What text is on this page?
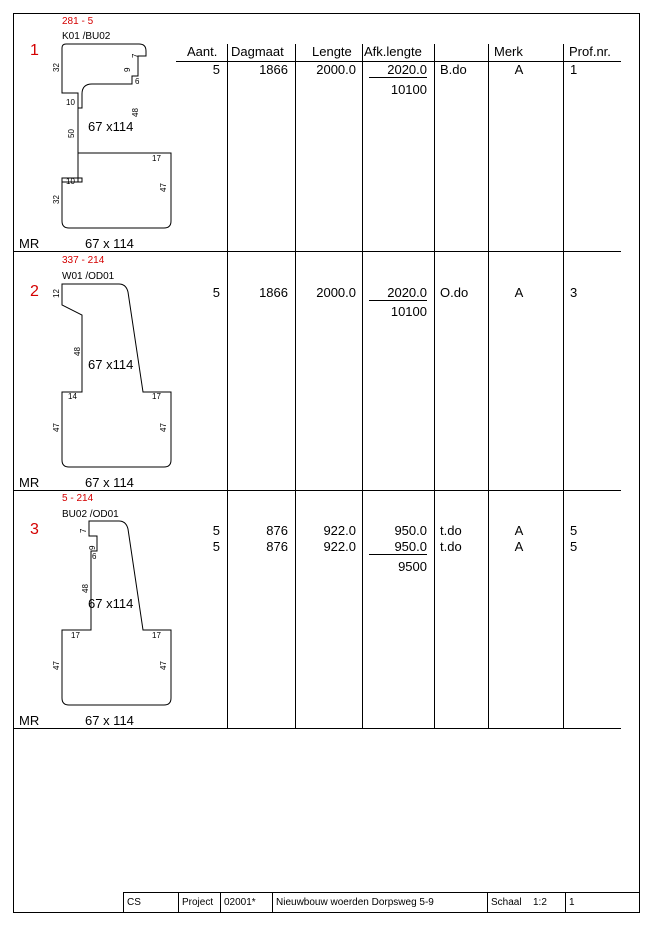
Aant. Dagmaat Lengte Afk.lengte	Merk	Prof.nr.
281 - 5
K01 /BU02
1
32	9
7
6
10
48
50
17
10
47
32
67 x114
MR	67 x 114
5	1866	2000.0	2020.0 B.do	A	1
10100
337 - 214
W01 /OD01
2 12
48
14	17
47	47
67 x114
MR	67 x 114
5	1866	2000.0	2020.0 O.do	A	3
10100
5 - 214
BU02 /OD01
3	7
9
6
48
17	17
47	47
67 x114
MR	67 x 114
5	876	922.0	950.0 t.do	A	5
5	876	922.0	950.0 t.do	A	5
9500
CS	Project	02001*	Nieuwbouw woerden Dorpsweg 5-9	Schaal	1:2	1
